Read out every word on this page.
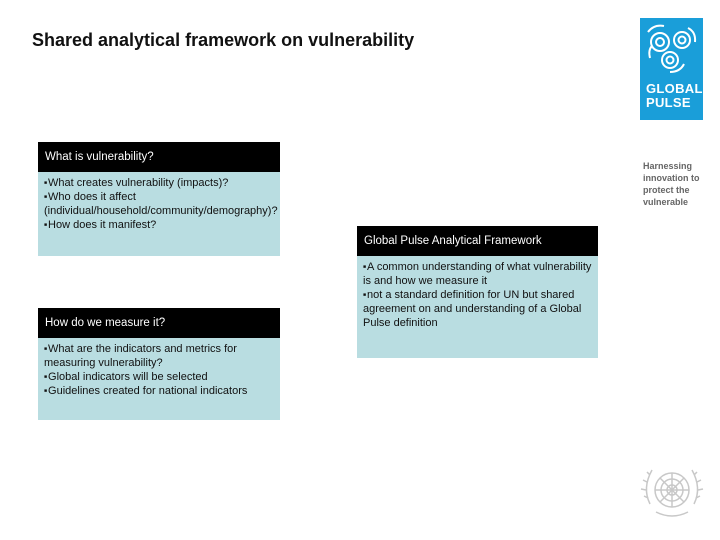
Shared analytical framework on vulnerability
GLOBAL
PULSE
Harnessing
innovation to
protect the
vulnerable
What is vulnerability?
■What creates vulnerability (impacts)?
■Who does it affect (individual/household/community/demography)?
■How does it manifest?
How do we measure it?
■What are the indicators and metrics for measuring vulnerability?
■Global indicators will be selected
■Guidelines created for national indicators
Global Pulse Analytical Framework
■A common understanding of what vulnerability is and how we measure it
■not a standard definition for UN but shared agreement on and understanding of a Global Pulse definition
